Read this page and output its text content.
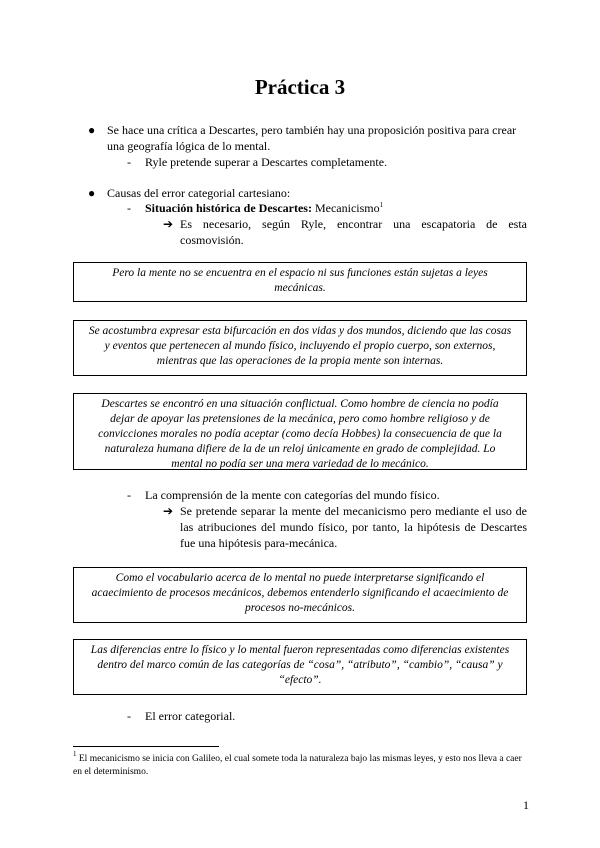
Práctica 3
● Se hace una crítica a Descartes, pero también hay una proposición positiva para crear una geografía lógica de lo mental.
- Ryle pretende superar a Descartes completamente.
● Causas del error categorial cartesiano:
- Situación histórica de Descartes: Mecanicismo$^1$
➔ Es necesario, según Ryle, encontrar una escapatoria de esta cosmovisión.
Pero la mente no se encuentra en el espacio ni sus funciones están sujetas a leyes mecánicas.
Se acostumbra expresar esta bifurcación en dos vidas y dos mundos, diciendo que las cosas y eventos que pertenecen al mundo físico, incluyendo el propio cuerpo, son externos, mientras que las operaciones de la propia mente son internas.
Descartes se encontró en una situación conflictual. Como hombre de ciencia no podía dejar de apoyar las pretensiones de la mecánica, pero como hombre religioso y de convicciones morales no podía aceptar (como decía Hobbes) la consecuencia de que la naturaleza humana difiere de la de un reloj únicamente en grado de complejidad. Lo mental no podía ser una mera variedad de lo mecánico.
- La comprensión de la mente con categorías del mundo físico.
➔ Se pretende separar la mente del mecanicismo pero mediante el uso de las atribuciones del mundo físico, por tanto, la hipótesis de Descartes fue una hipótesis para-mecánica.
Como el vocabulario acerca de lo mental no puede interpretarse significando el acaecimiento de procesos mecánicos, debemos entenderlo significando el acaecimiento de procesos no-mecánicos.
Las diferencias entre lo físico y lo mental fueron representadas como diferencias existentes dentro del marco común de las categorías de “cosa”, “atributo”, “cambio”, “causa” y “efecto”.
- El error categorial.
$^1$ El mecanicismo se inicia con Galileo, el cual somete toda la naturaleza bajo las mismas leyes, y esto nos lleva a caer en el determinismo.
1
